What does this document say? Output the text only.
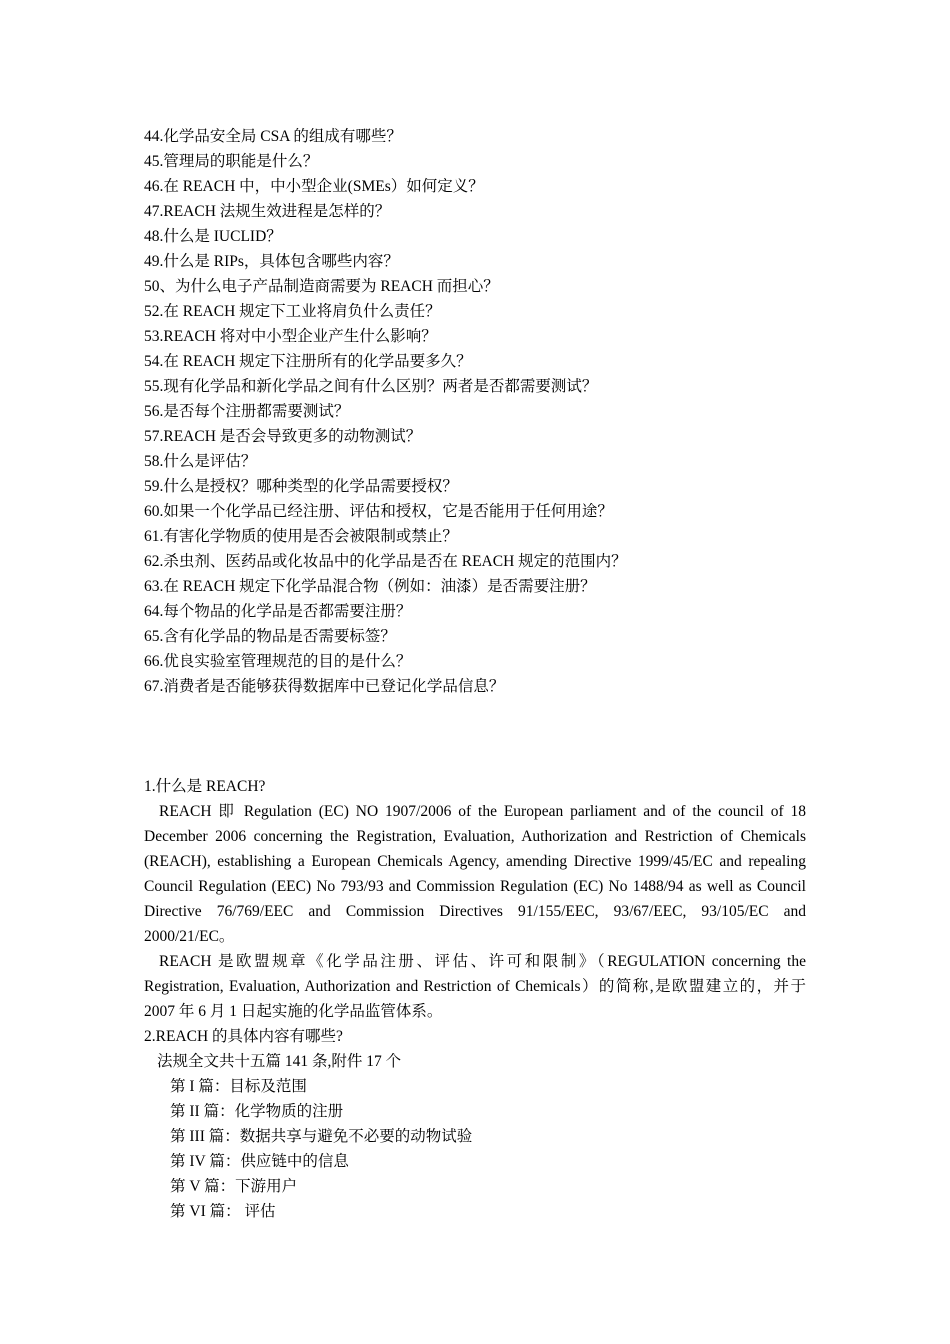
44.化学品安全局 CSA 的组成有哪些？
45.管理局的职能是什么？
46.在 REACH 中，中小型企业(SMEs）如何定义？
47.REACH 法规生效进程是怎样的？
48.什么是 IUCLID？
49.什么是 RIPs，具体包含哪些内容？
50、为什么电子产品制造商需要为 REACH 而担心？
52.在 REACH 规定下工业将肩负什么责任？
53.REACH 将对中小型企业产生什么影响？
54.在 REACH 规定下注册所有的化学品要多久？
55.现有化学品和新化学品之间有什么区别？两者是否都需要测试？
56.是否每个注册都需要测试？
57.REACH 是否会导致更多的动物测试？
58.什么是评估？
59.什么是授权？哪种类型的化学品需要授权？
60.如果一个化学品已经注册、评估和授权，它是否能用于任何用途？
61.有害化学物质的使用是否会被限制或禁止？
62.杀虫剂、医药品或化妆品中的化学品是否在 REACH 规定的范围内？
63.在 REACH 规定下化学品混合物（例如：油漆）是否需要注册？
64.每个物品的化学品是否都需要注册？
65.含有化学品的物品是否需要标签？
66.优良实验室管理规范的目的是什么？
67.消费者是否能够获得数据库中已登记化学品信息？
1.什么是 REACH?

REACH 即 Regulation (EC) NO 1907/2006 of the European parliament and of the council of 18 December 2006 concerning the Registration, Evaluation, Authorization and Restriction of Chemicals (REACH), establishing a European Chemicals Agency, amending Directive 1999/45/EC and repealing Council Regulation (EEC) No 793/93 and Commission Regulation (EC) No 1488/94 as well as Council Directive 76/769/EEC and Commission Directives 91/155/EEC, 93/67/EEC, 93/105/EC and 2000/21/EC。

REACH 是欧盟规章《化学品注册、评估、许可和限制》（REGULATION concerning the Registration, Evaluation, Authorization and Restriction of Chemicals）的简称,是欧盟建立的，并于 2007 年 6 月 1 日起实施的化学品监管体系。

2.REACH 的具体内容有哪些?
法规全文共十五篇 141 条,附件 17 个
第 I 篇：目标及范围
第 II 篇：化学物质的注册
第 III 篇：数据共享与避免不必要的动物试验
第 IV 篇：供应链中的信息
第 V 篇：下游用户
第 VI 篇： 评估
